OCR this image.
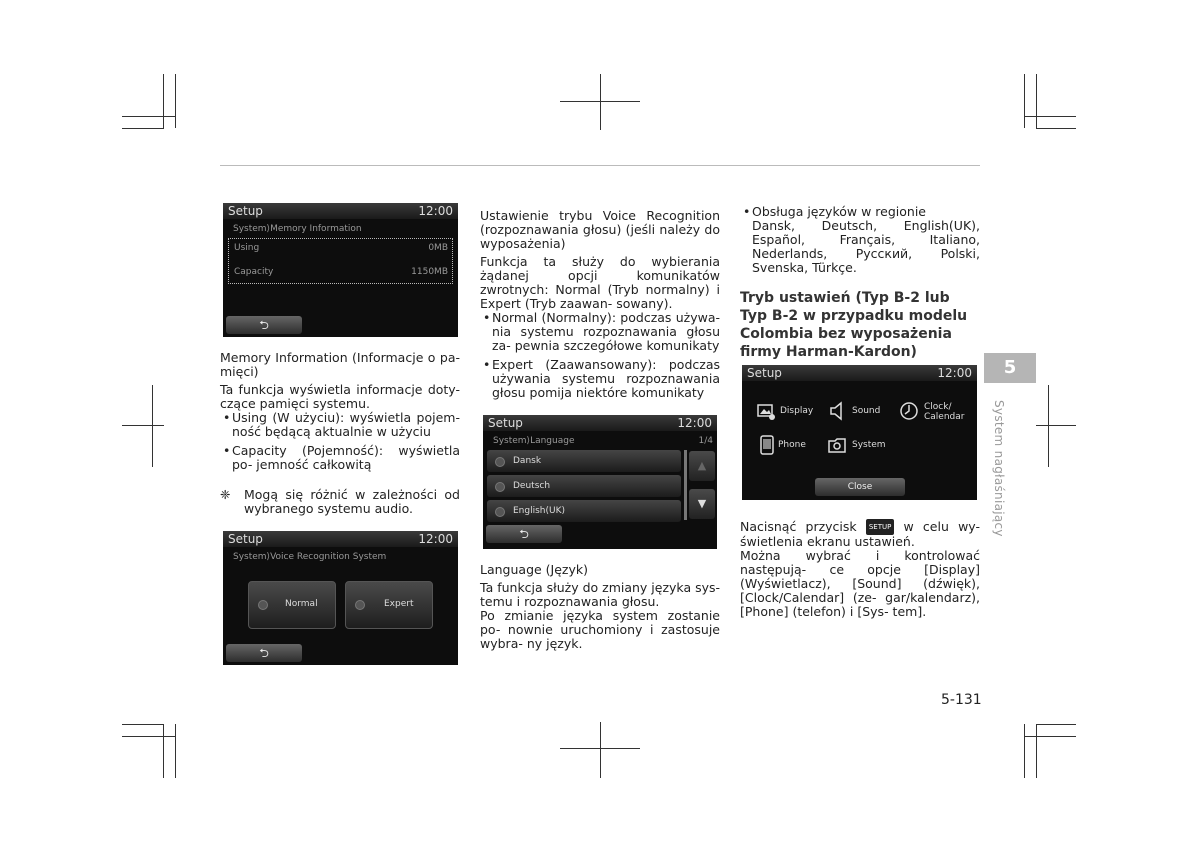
Setup	12:00
System⟩Memory Information
Using	0MB
Capacity	1150MB
⮌

Memory Information (Informacje o pa- mięci)

Ta funkcja wyświetla informacje doty- czące pamięci systemu.

• Using (W użyciu): wyświetla pojem- ność będącą aktualnie w użyciu

• Capacity (Pojemność): wyświetla po- jemność całkowitą

❈ Mogą się różnić w zależności od wybranego systemu audio.
Setup	12:00
System⟩Voice Recognition System
Normal	Expert
⮌

Ustawienie trybu Voice Recognition (rozpoznawania głosu) (jeśli należy do wyposażenia)

Funkcja ta służy do wybierania żądanej opcji komunikatów zwrotnych: Normal (Tryb normalny) i Expert (Tryb zaawan- sowany).

• Normal (Normalny): podczas używa- nia systemu rozpoznawania głosu za- pewnia szczegółowe komunikaty

• Expert (Zaawansowany): podczas używania systemu rozpoznawania głosu pomija niektóre komunikaty

Setup	12:00
System⟩Language	1/4
Dansk
Deutsch
English(UK)
▲
▼
⮌

Language (Język)

Ta funkcja służy do zmiany języka sys- temu i rozpoznawania głosu.

Po zmianie języka system zostanie po- nownie uruchomiony i zastosuje wybra- ny język.

• Obsługa języków w regionie

Dansk, Deutsch, English(UK), Español, Français, Italiano, Nederlands, Русский, Polski, Svenska, Türkçe.

Tryb ustawień (Typ B-2 lub Typ B-2 w przypadku modelu Colombia bez wyposażenia firmy Harman-Kardon)

Setup	12:00
Display	Sound	Clock/ Calendar
Phone	System
Close

Nacisnąć przycisk SETUP w celu wy- świetlenia ekranu ustawień.

Można wybrać i kontrolować następują- ce opcje [Display] (Wyświetlacz), [Sound] (dźwięk), [Clock/Calendar] (ze- gar/kalendarz), [Phone] (telefon) i [Sys- tem].

5
System nagłaśniający
5-131
